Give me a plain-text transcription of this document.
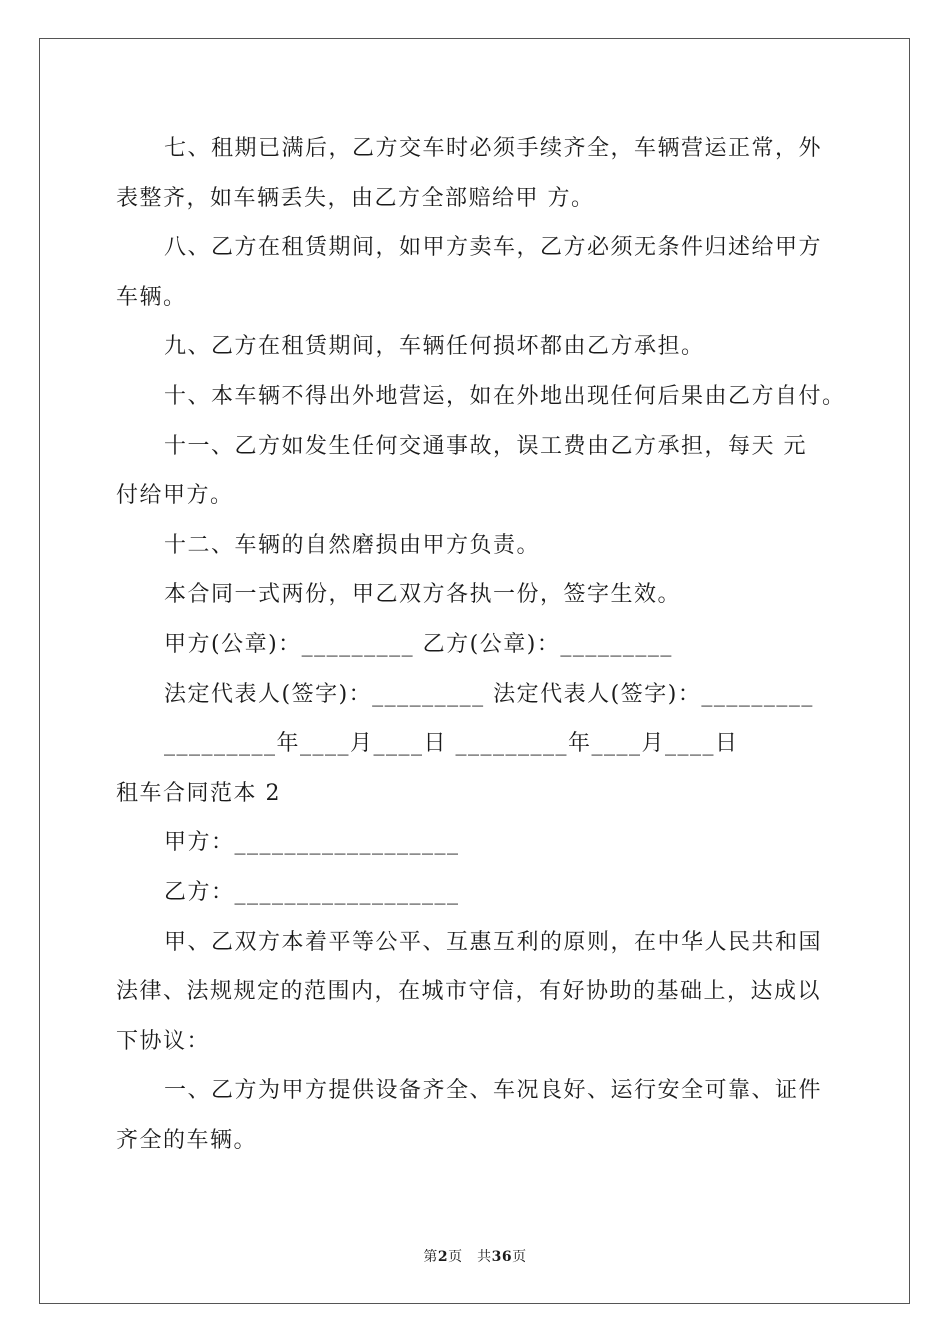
七、租期已满后，乙方交车时必须手续齐全，车辆营运正常，外
表整齐，如车辆丢失，由乙方全部赔给甲 方。
八、乙方在租赁期间，如甲方卖车，乙方必须无条件归述给甲方
车辆。
九、乙方在租赁期间，车辆任何损坏都由乙方承担。
十、本车辆不得出外地营运，如在外地出现任何后果由乙方自付。
十一、乙方如发生任何交通事故，误工费由乙方承担，每天 元
付给甲方。
十二、车辆的自然磨损由甲方负责。
本合同一式两份，甲乙双方各执一份，签字生效。
甲方(公章)：_________ 乙方(公章)：_________
法定代表人(签字)：_________ 法定代表人(签字)：_________
_________年____月____日 _________年____月____日
租车合同范本 2
甲方：__________________
乙方：__________________
甲、乙双方本着平等公平、互惠互利的原则，在中华人民共和国
法律、法规规定的范围内，在城市守信，有好协助的基础上，达成以
下协议：
一、乙方为甲方提供设备齐全、车况良好、运行安全可靠、证件
齐全的车辆。
第2页　共36页
